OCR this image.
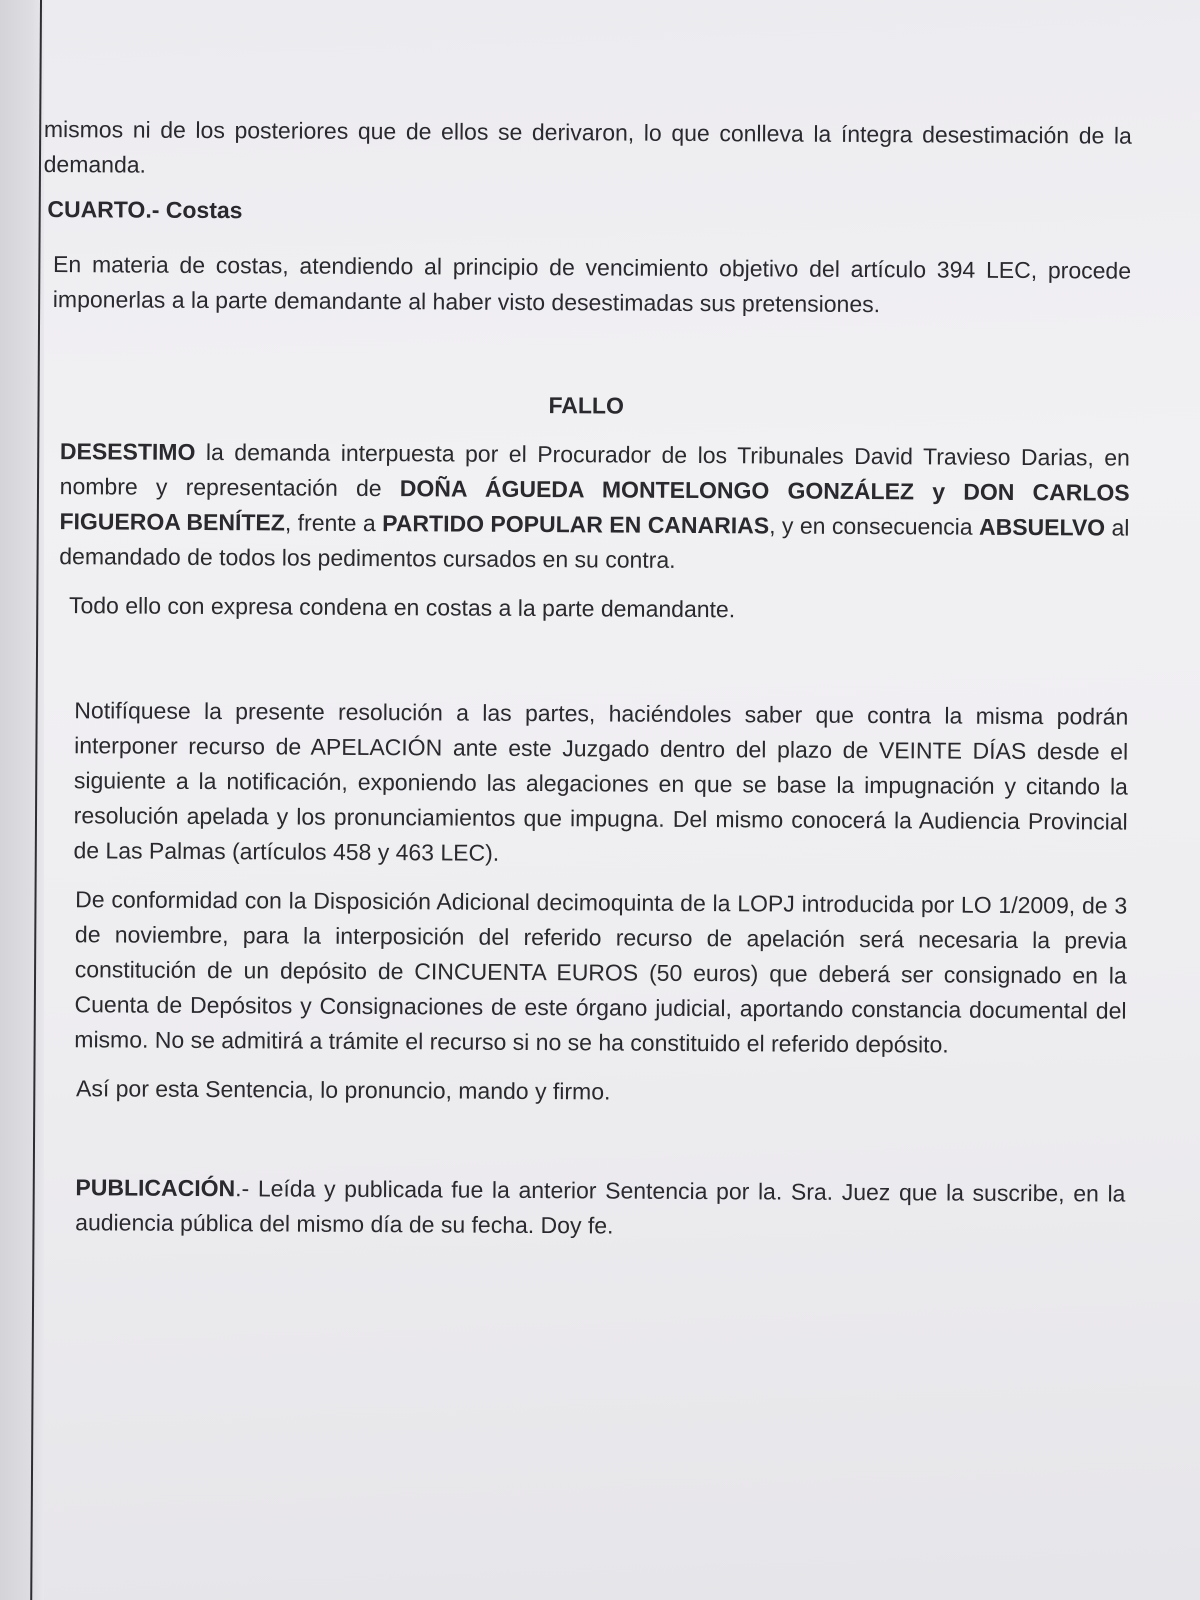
mismos ni de los posteriores que de ellos se derivaron, lo que conlleva la íntegra desestimación de la demanda.

CUARTO.- Costas

En materia de costas, atendiendo al principio de vencimiento objetivo del artículo 394 LEC, procede imponerlas a la parte demandante al haber visto desestimadas sus pretensiones.

FALLO

DESESTIMO la demanda interpuesta por el Procurador de los Tribunales David Travieso Darias, en nombre y representación de DOÑA ÁGUEDA MONTELONGO GONZÁLEZ y DON CARLOS FIGUEROA BENÍTEZ, frente a PARTIDO POPULAR EN CANARIAS, y en consecuencia ABSUELVO al demandado de todos los pedimentos cursados en su contra.

Todo ello con expresa condena en costas a la parte demandante.

Notifíquese la presente resolución a las partes, haciéndoles saber que contra la misma podrán interponer recurso de APELACIÓN ante este Juzgado dentro del plazo de VEINTE DÍAS desde el siguiente a la notificación, exponiendo las alegaciones en que se base la impugnación y citando la resolución apelada y los pronunciamientos que impugna. Del mismo conocerá la Audiencia Provincial de Las Palmas (artículos 458 y 463 LEC).

De conformidad con la Disposición Adicional decimoquinta de la LOPJ introducida por LO 1/2009, de 3 de noviembre, para la interposición del referido recurso de apelación será necesaria la previa constitución de un depósito de CINCUENTA EUROS (50 euros) que deberá ser consignado en la Cuenta de Depósitos y Consignaciones de este órgano judicial, aportando constancia documental del mismo. No se admitirá a trámite el recurso si no se ha constituido el referido depósito.

Así por esta Sentencia, lo pronuncio, mando y firmo.

PUBLICACIÓN.- Leída y publicada fue la anterior Sentencia por la. Sra. Juez que la suscribe, en la audiencia pública del mismo día de su fecha. Doy fe.
